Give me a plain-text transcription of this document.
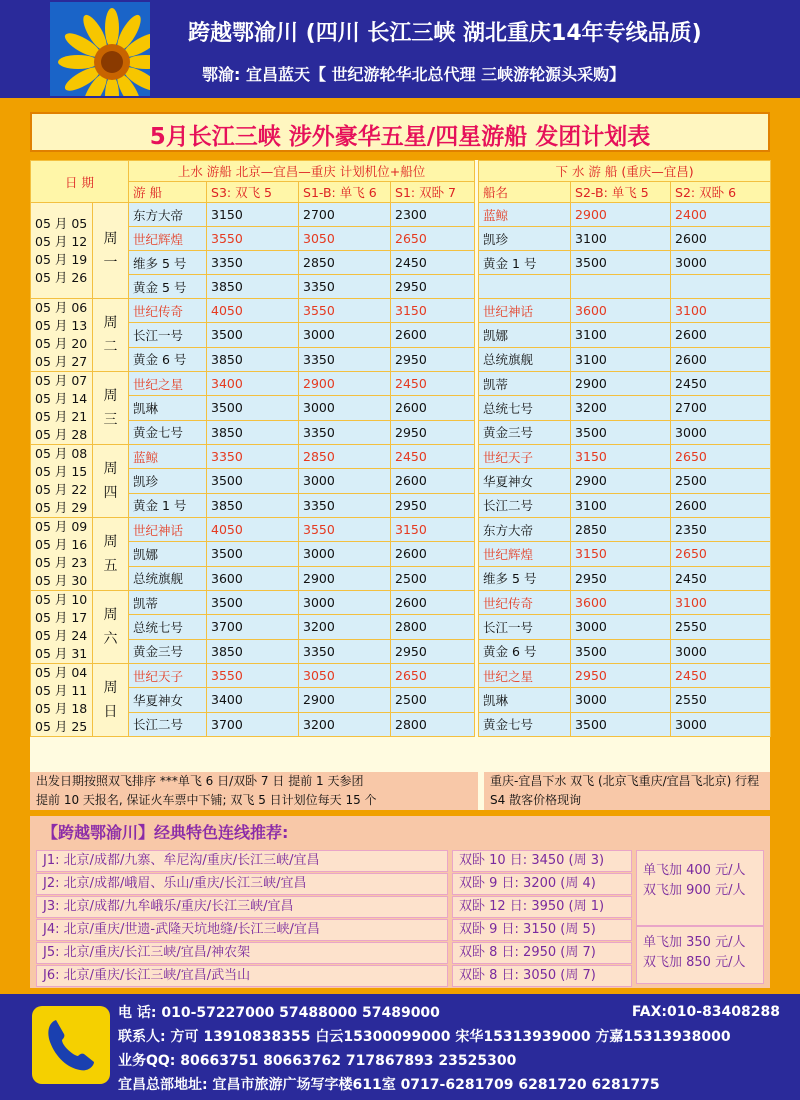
跨越鄂渝川 (四川 长江三峡 湖北重庆14年专线品质)
鄂渝: 宜昌蓝天【 世纪游轮华北总代理 三峡游轮源头采购】
5月长江三峡 涉外豪华五星/四星游船 发团计划表
日 期		上水 游船 北京—宜昌—重庆 计划机位+船位					下 水 游 船 (重庆—宜昌)		
		游 船	S3: 双飞 5	S1-B: 单飞 6	S1: 双卧 7		船名	S2-B: 单飞 5	S2: 双卧 6

05 月 05
05 月 12
05 月 19
05 月 26	周一	东方大帝	3150	2700	2300		蓝鲸	2900	2400
		世纪辉煌	3550	3050	2650		凯珍	3100	2600
		维多 5 号	3350	2850	2450		黄金 1 号	3500	3000
		黄金 5 号	3850	3350	2950				

05 月 06
05 月 13
05 月 20
05 月 27	周二	世纪传奇	4050	3550	3150		世纪神话	3600	3100
		长江一号	3500	3000	2600		凯娜	3100	2600
		黄金 6 号	3850	3350	2950		总统旗舰	3100	2600

05 月 07
05 月 14
05 月 21
05 月 28	周三	世纪之星	3400	2900	2450		凯蒂	2900	2450
		凯琳	3500	3000	2600		总统七号	3200	2700
		黄金七号	3850	3350	2950		黄金三号	3500	3000

05 月 08
05 月 15
05 月 22
05 月 29	周四	蓝鲸	3350	2850	2450		世纪天子	3150	2650
		凯珍	3500	3000	2600		华夏神女	2900	2500
		黄金 1 号	3850	3350	2950		长江二号	3100	2600

05 月 09
05 月 16
05 月 23
05 月 30	周五	世纪神话	4050	3550	3150		东方大帝	2850	2350
		凯娜	3500	3000	2600		世纪辉煌	3150	2650
		总统旗舰	3600	2900	2500		维多 5 号	2950	2450

05 月 10
05 月 17
05 月 24
05 月 31	周六	凯蒂	3500	3000	2600		世纪传奇	3600	3100
		总统七号	3700	3200	2800		长江一号	3000	2550
		黄金三号	3850	3350	2950		黄金 6 号	3500	3000

05 月 04
05 月 11
05 月 18
05 月 25	周日	世纪天子	3550	3050	2650		世纪之星	2950	2450
		华夏神女	3400	2900	2500		凯琳	3000	2550
		长江二号	3700	3200	2800		黄金七号	3500	3000
出发日期按照双飞排序 ***单飞 6 日/双卧 7 日 提前 1 天参团
提前 10 天报名, 保证火车票中下铺; 双飞 5 日计划位每天 15 个
重庆-宜昌下水 双飞 (北京飞重庆/宜昌飞北京) 行程 S4 散客价格现询
【跨越鄂渝川】经典特色连线推荐:
J1: 北京/成都/九寨、牟尼沟/重庆/长江三峡/宜昌	双卧 10 日: 3450 (周 3)
J2: 北京/成都/峨眉、乐山/重庆/长江三峡/宜昌	双卧 9 日: 3200 (周 4)
J3: 北京/成都/九牟峨乐/重庆/长江三峡/宜昌	双卧 12 日: 3950 (周 1)
J4: 北京/重庆/世遗-武隆天坑地缝/长江三峡/宜昌	双卧 9 日: 3150 (周 5)
J5: 北京/重庆/长江三峡/宜昌/神农架	双卧 8 日: 2950 (周 7)
J6: 北京/重庆/长江三峡/宜昌/武当山	双卧 8 日: 3050 (周 7)
单飞加 400 元/人
双飞加 900 元/人
单飞加 350 元/人
双飞加 850 元/人
电 话: 010-57227000 57488000 57489000	FAX:010-83408288
联系人: 方可 13910838355 白云15300099000 宋华15313939000 方嘉15313938000
业务QQ: 80663751 80663762 717867893 23525300
宜昌总部地址: 宜昌市旅游广场写字楼611室 0717-6281709 6281720 6281775
